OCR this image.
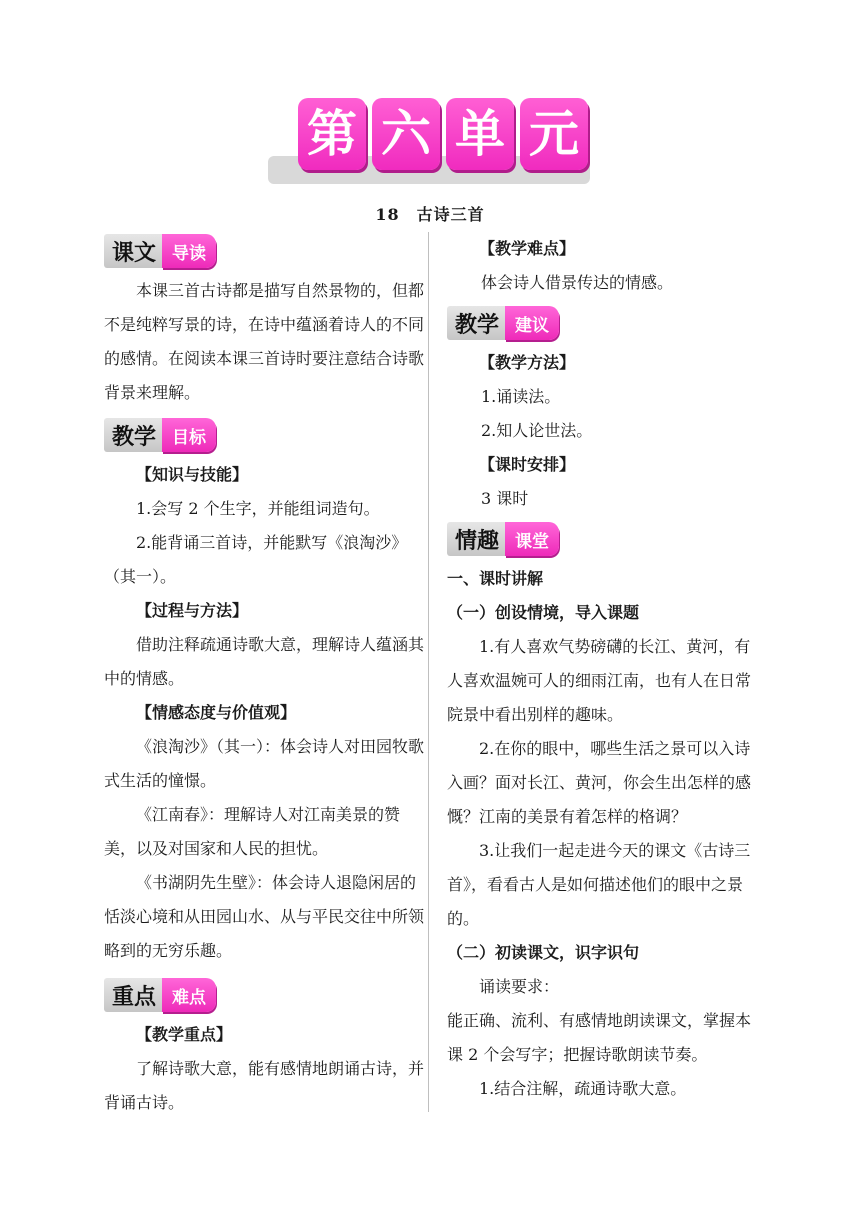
第 六 单 元
18　古诗三首
课文 导读

本课三首古诗都是描写自然景物的，但都不是纯粹写景的诗，在诗中蕴涵着诗人的不同的感情。在阅读本课三首诗时要注意结合诗歌背景来理解。

教学 目标

【知识与技能】

1.会写 2 个生字，并能组词造句。

2.能背诵三首诗，并能默写《浪淘沙》（其一）。

【过程与方法】

借助注释疏通诗歌大意，理解诗人蕴涵其中的情感。

【情感态度与价值观】

《浪淘沙》（其一）：体会诗人对田园牧歌式生活的憧憬。

《江南春》：理解诗人对江南美景的赞美，以及对国家和人民的担忧。

《书湖阴先生壁》：体会诗人退隐闲居的恬淡心境和从田园山水、从与平民交往中所领略到的无穷乐趣。

重点 难点

【教学重点】

了解诗歌大意，能有感情地朗诵古诗，并背诵古诗。

【教学难点】

体会诗人借景传达的情感。

教学 建议

【教学方法】

1.诵读法。

2.知人论世法。

【课时安排】

3 课时

情趣 课堂

一、课时讲解

（一）创设情境，导入课题

1.有人喜欢气势磅礴的长江、黄河，有人喜欢温婉可人的细雨江南，也有人在日常院景中看出别样的趣味。

2.在你的眼中，哪些生活之景可以入诗入画？面对长江、黄河，你会生出怎样的感慨？江南的美景有着怎样的格调？

3.让我们一起走进今天的课文《古诗三首》，看看古人是如何描述他们的眼中之景的。

（二）初读课文，识字识句

诵读要求：

能正确、流利、有感情地朗读课文，掌握本课 2 个会写字；把握诗歌朗读节奏。

1.结合注解，疏通诗歌大意。
